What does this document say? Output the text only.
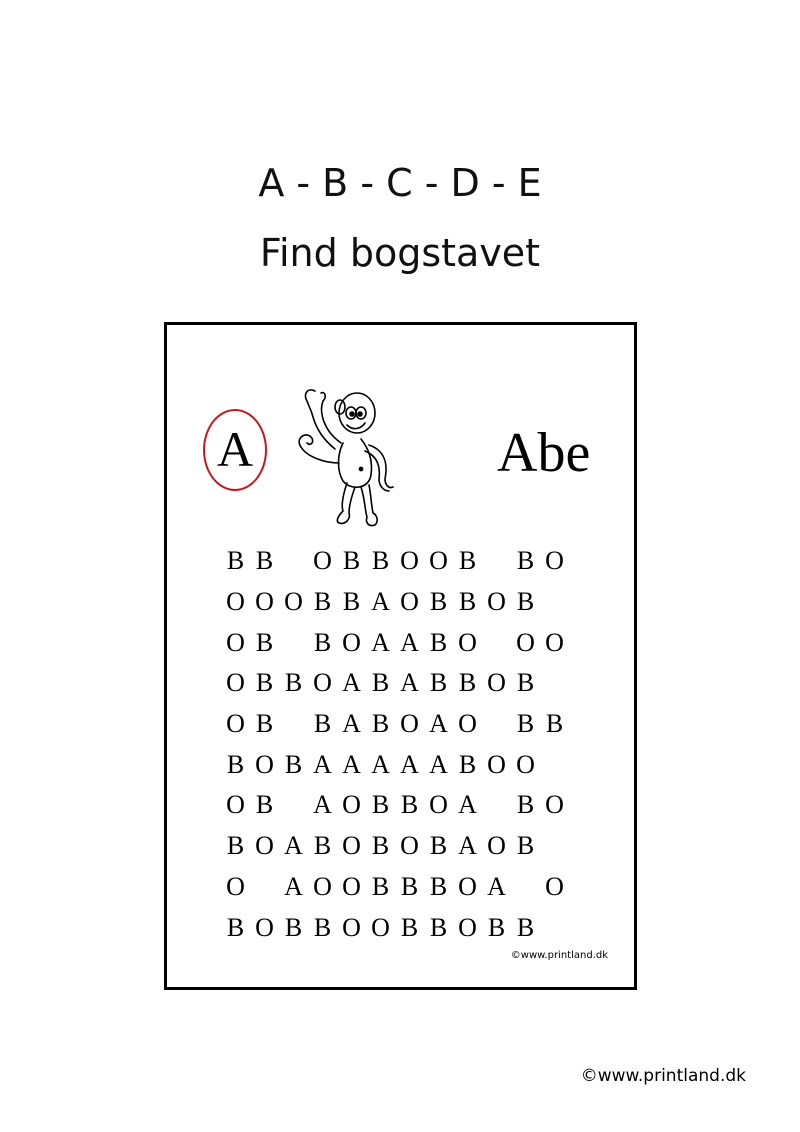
A - B - C - D - E
Find bogstavet
A	Abe
B B O B B O O B B O
O O O B B A O B B O B
O B B O A A B O O O
O B B O A B A B B O B
O B B A B O A O B B
B O B A A A A A B O O
O B A O B B O A B O
B O A B O B O B A O B
O A O O B B B O A O
B O B B O O B B O B B
©www.printland.dk
©www.printland.dk
